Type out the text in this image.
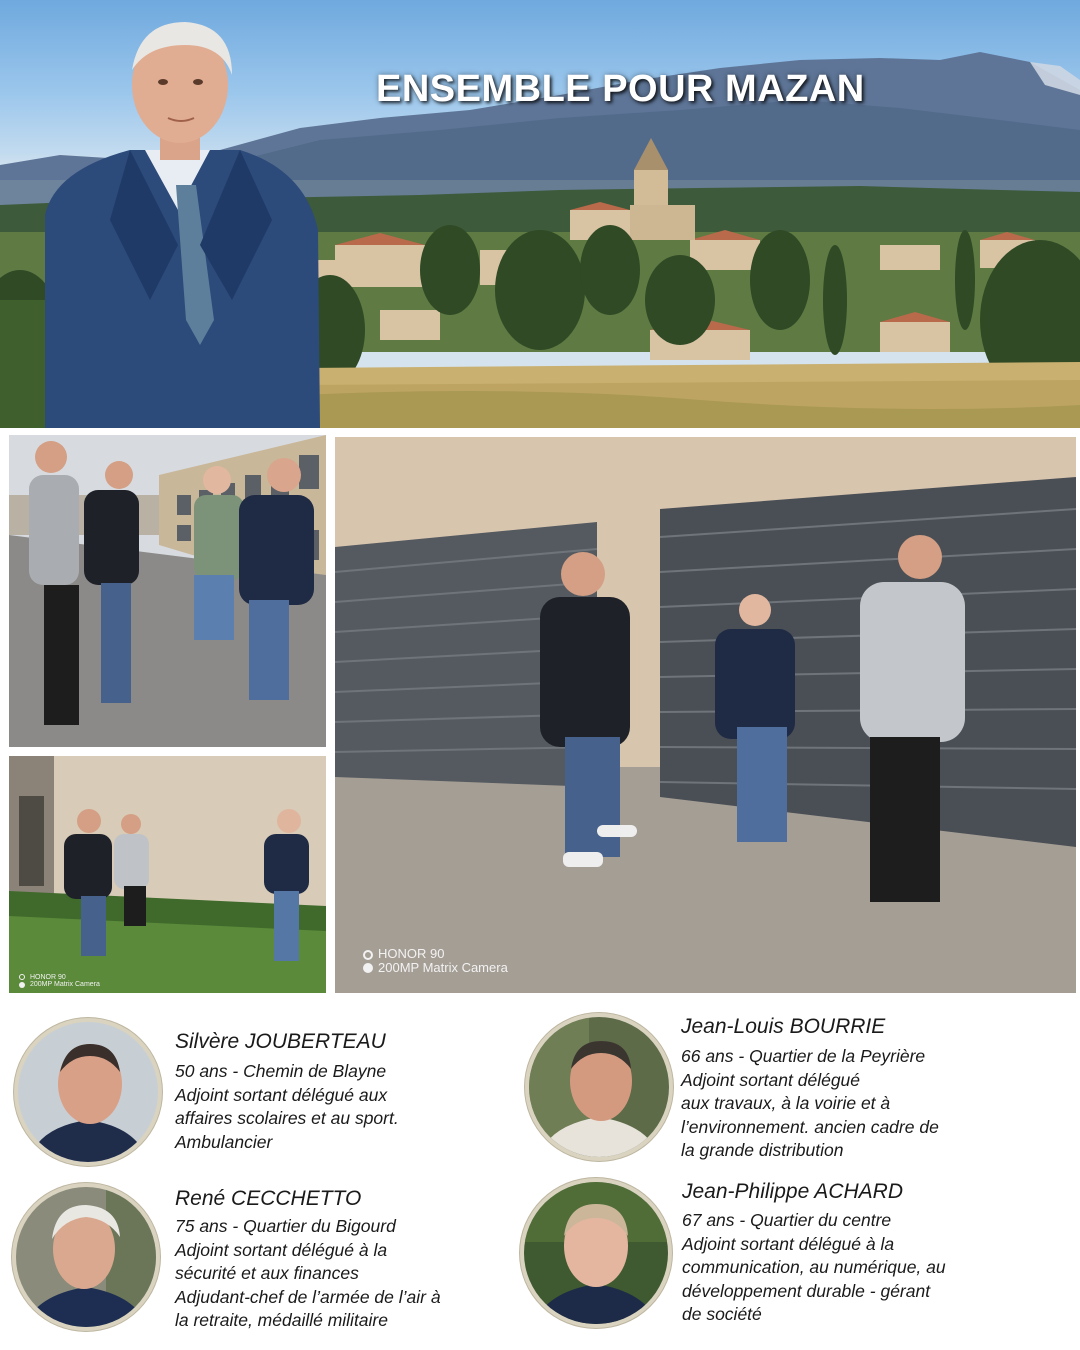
ENSEMBLE POUR MAZAN
HONOR 90
200MP Matrix Camera
HONOR 90
200MP Matrix Camera
Silvère JOUBERTEAU
50 ans - Chemin de Blayne
Adjoint sortant délégué aux
affaires scolaires et au sport.
Ambulancier
Jean-Louis BOURRIE
66 ans - Quartier de la Peyrière
Adjoint sortant délégué
aux travaux, à la voirie et à
l’environnement. ancien cadre de
la grande distribution
René CECCHETTO
75 ans - Quartier du Bigourd
Adjoint sortant délégué à la
sécurité et aux finances
Adjudant-chef de l’armée de l’air à
la retraite, médaillé militaire
Jean-Philippe ACHARD
67 ans - Quartier du centre
Adjoint sortant délégué à la
communication, au numérique, au
développement durable - gérant
de société
